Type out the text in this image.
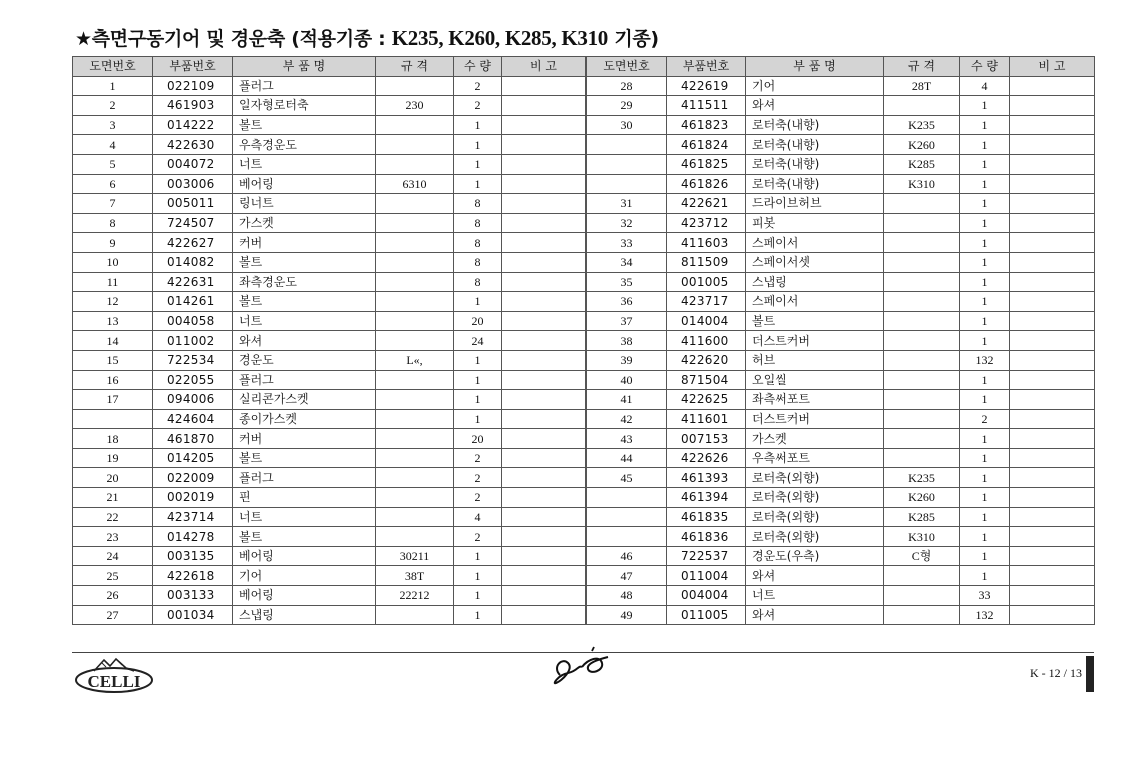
★측면구동기어 및 경운축 (적용기종 : K235, K260, K285, K310 기종)
도면번호	부품번호	부 품 명	규 격	수 량	비 고
1	022109	플러그		2	
2	461903	일자형로터축	230	2	
3	014222	볼트		1	
4	422630	우측경운도		1	
5	004072	너트		1	
6	003006	베어링	6310	1	
7	005011	링너트		8	
8	724507	가스켓		8	
9	422627	커버		8	
10	014082	볼트		8	
11	422631	좌측경운도		8	
12	014261	볼트		1	
13	004058	너트		20	
14	011002	와셔		24	
15	722534	경운도	L«,	1	
16	022055	플러그		1	
17	094006	실리콘가스켓		1	
	424604	종이가스켓		1	
18	461870	커버		20	
19	014205	볼트		2	
20	022009	플러그		2	
21	002019	핀		2	
22	423714	너트		4	
23	014278	볼트		2	
24	003135	베어링	30211	1	
25	422618	기어	38T	1	
26	003133	베어링	22212	1	
27	001034	스냅링		1	
도면번호	부품번호	부 품 명	규 격	수 량	비 고
28	422619	기어	28T	4	
29	411511	와셔		1	
30	461823	로터축(내향)	K235	1	
	461824	로터축(내향)	K260	1	
	461825	로터축(내향)	K285	1	
	461826	로터축(내향)	K310	1	
31	422621	드라이브허브		1	
32	423712	피봇		1	
33	411603	스페이서		1	
34	811509	스페이서셋		1	
35	001005	스냅링		1	
36	423717	스페이서		1	
37	014004	볼트		1	
38	411600	더스트커버		1	
39	422620	허브		132	
40	871504	오일씰		1	
41	422625	좌측써포트		1	
42	411601	더스트커버		2	
43	007153	가스켓		1	
44	422626	우측써포트		1	
45	461393	로터축(외향)	K235	1	
	461394	로터축(외향)	K260	1	
	461835	로터축(외향)	K285	1	
	461836	로터축(외향)	K310	1	
46	722537	경운도(우측)	C형	1	
47	011004	와셔		1	
48	004004	너트		33	
49	011005	와셔		132	
CELLI	K - 12 / 13
